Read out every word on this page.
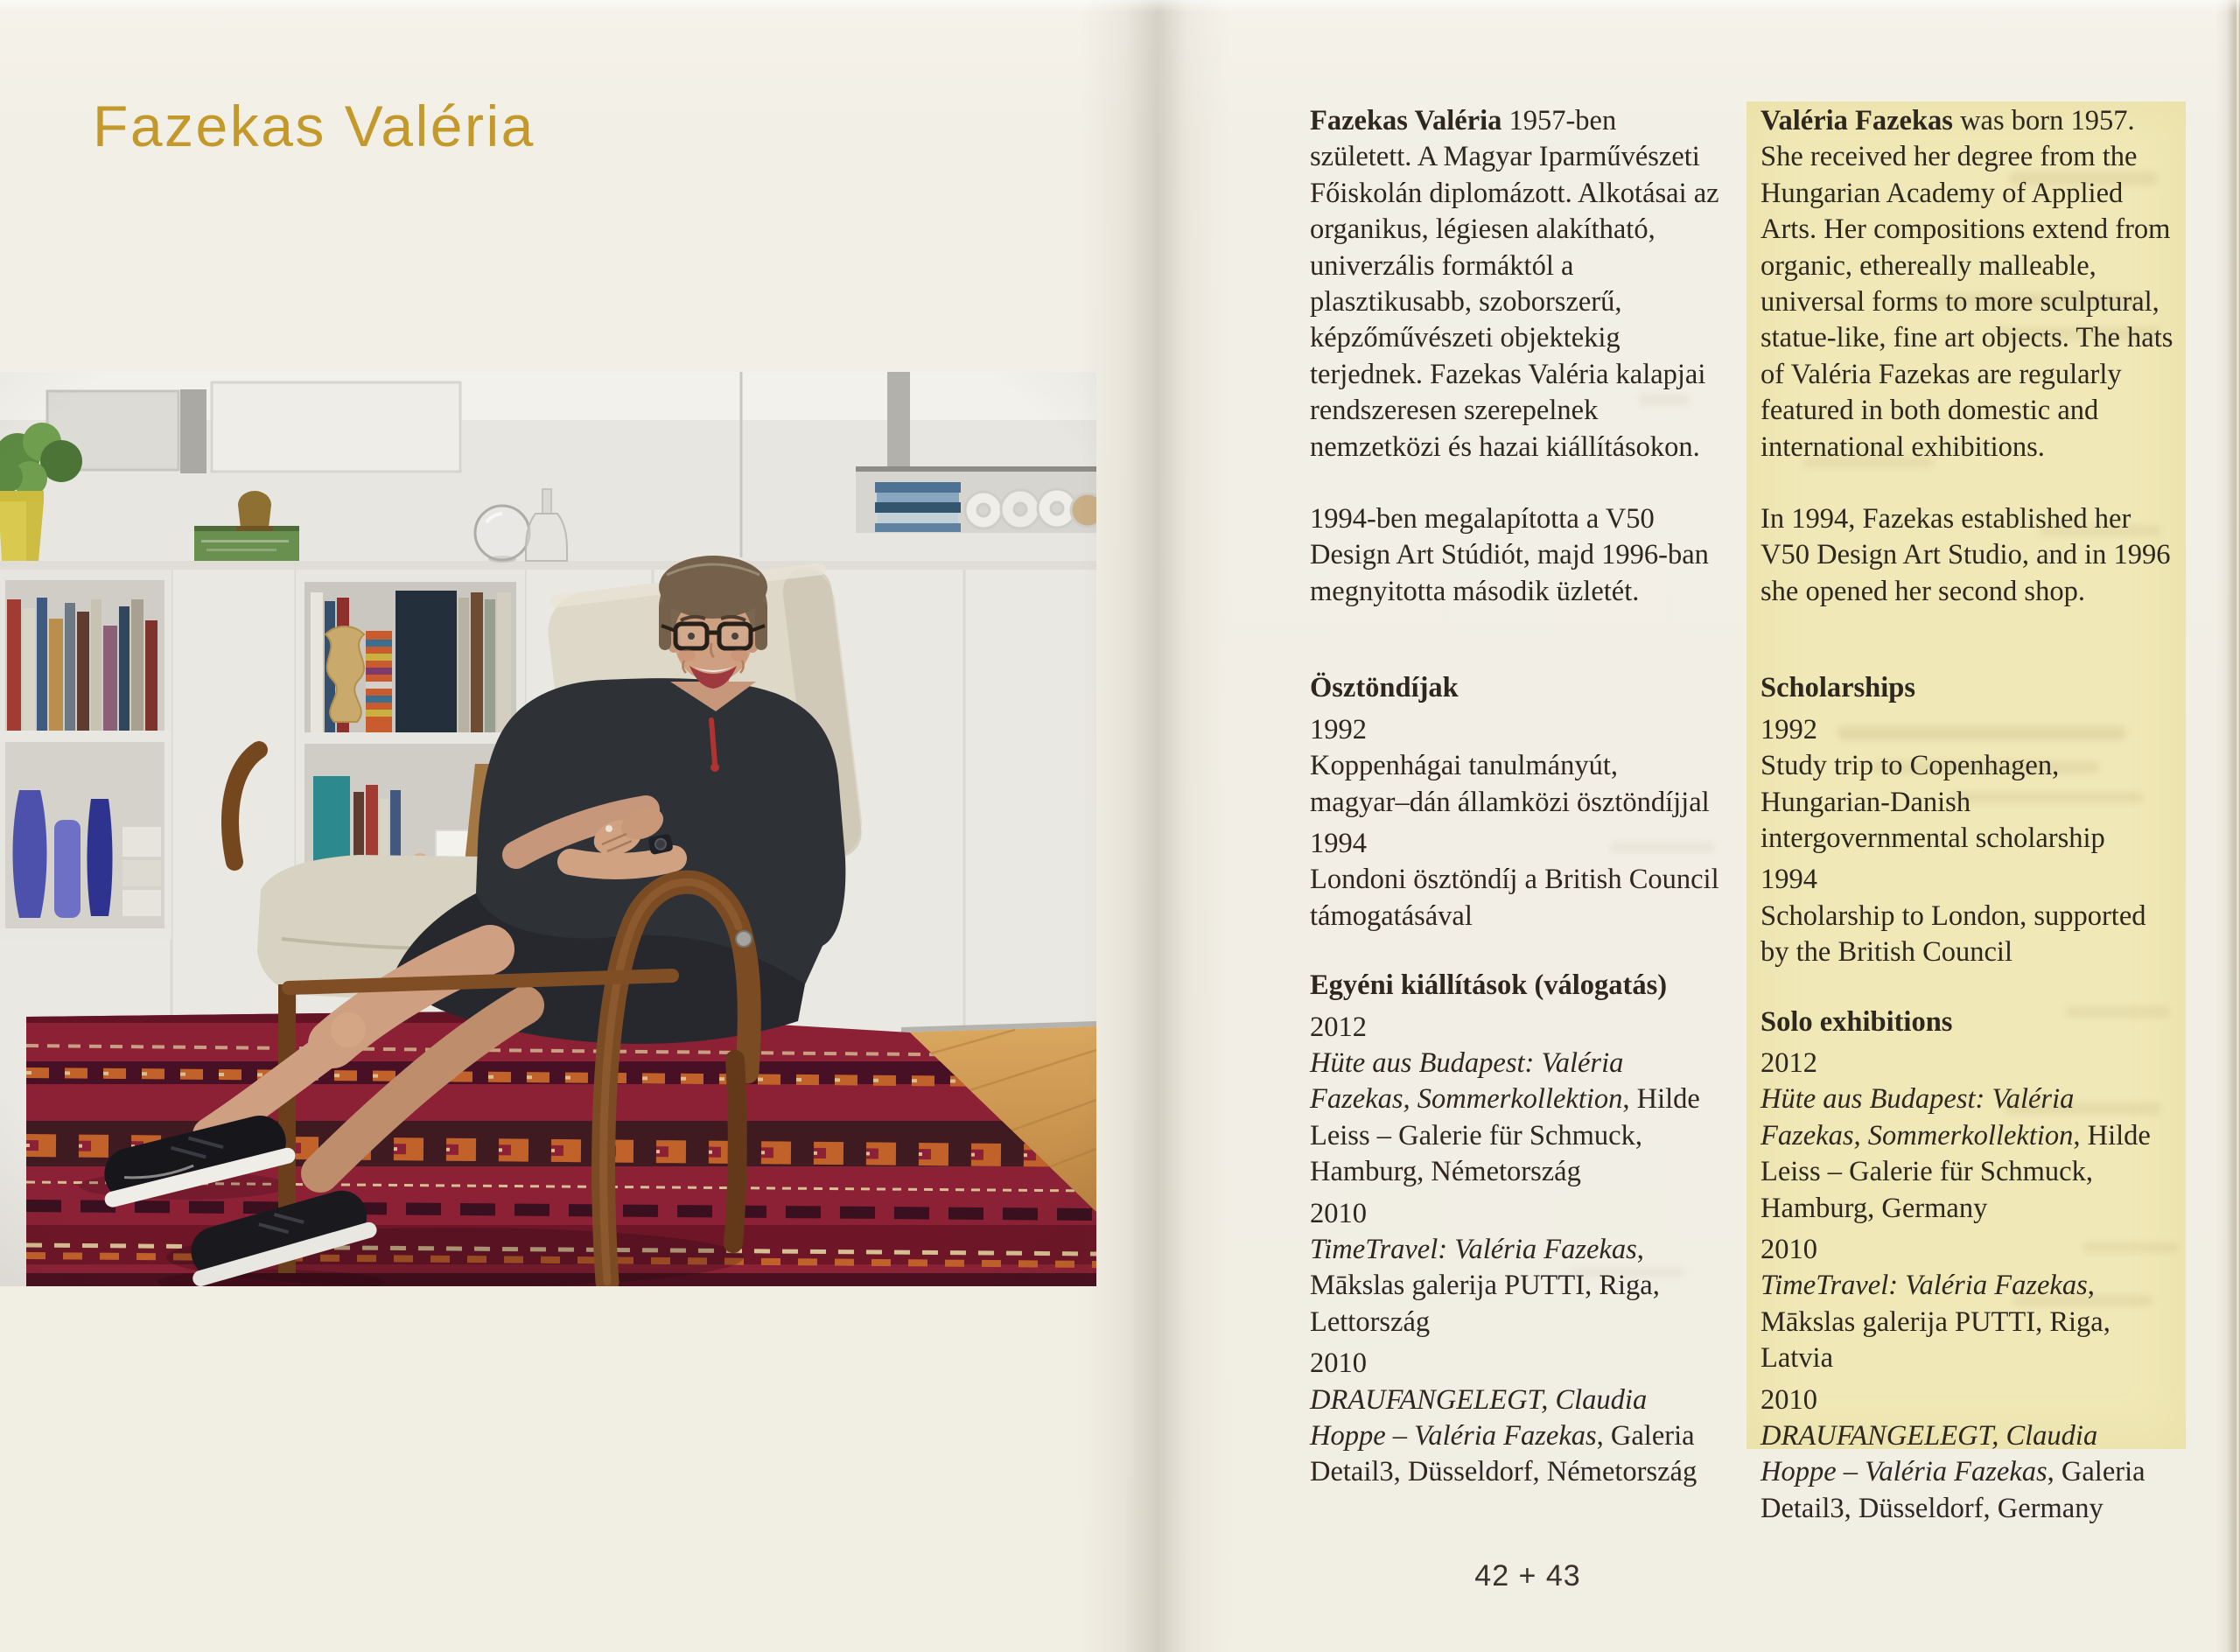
Fazekas Valéria	Fazekas Valéria 1957-ben született. A Magyar Iparművészeti Főiskolán diplomázott. Alkotásai az organikus, légiesen alakítható, univerzális formáktól a plasztikusabb, szoborszerű, képzőművészeti objektekig terjednek. Fazekas Valéria kalapjai rendszeresen szerepelnek nemzetközi és hazai kiállításokon.

1994-ben megalapította a V50 Design Art Stúdiót, majd 1996-ban megnyitotta második üzletét.

Ösztöndíjak
1992

Koppenhágai tanulmányút, magyar–dán államközi ösztöndíjjal

1994

Londoni ösztöndíj a British Council támogatásával

Egyéni kiállítások (válogatás)
2012

Hüte aus Budapest: Valéria Fazekas, Sommerkollektion, Hilde Leiss – Galerie für Schmuck, Hamburg, Németország

2010

TimeTravel: Valéria Fazekas, Mākslas galerija PUTTI, Riga, Lettország

2010

DRAUFANGELEGT, Claudia Hoppe – Valéria Fazekas, Galeria Detail3, Düsseldorf, Németország

Valéria Fazekas was born 1957. She received her degree from the Hungarian Academy of Applied Arts. Her compositions extend from organic, ethereally malleable, universal forms to more sculptural, statue-like, fine art objects. The hats of Valéria Fazekas are regularly featured in both domestic and international exhibitions.

In 1994, Fazekas established her V50 Design Art Studio, and in 1996 she opened her second shop.

Scholarships
1992

Study trip to Copenhagen, Hungarian-Danish intergovernmental scholarship

1994

Scholarship to London, supported by the British Council

Solo exhibitions
2012

Hüte aus Budapest: Valéria Fazekas, Sommerkollektion, Hilde Leiss – Galerie für Schmuck, Hamburg, Germany

2010

TimeTravel: Valéria Fazekas, Mākslas galerija PUTTI, Riga, Latvia

2010

DRAUFANGELEGT, Claudia Hoppe – Valéria Fazekas, Galeria Detail3, Düsseldorf, Germany

42 + 43
